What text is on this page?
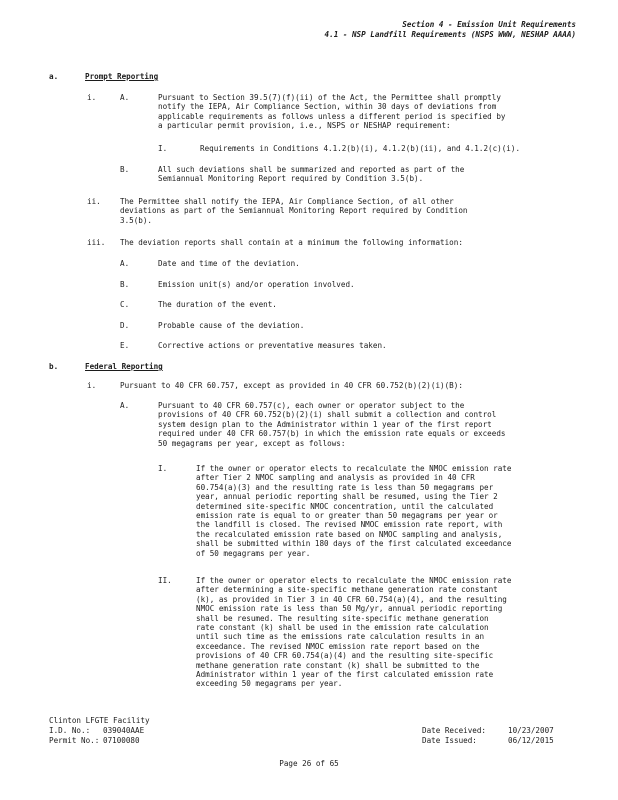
Section 4 - Emission Unit Requirements
4.1 - NSP Landfill Requirements (NSPS WWW, NESHAP AAAA)
a.	Prompt Reporting
i.	A.	Pursuant to Section 39.5(7)(f)(ii) of the Act, the Permittee shall promptly
notify the IEPA, Air Compliance Section, within 30 days of deviations from
applicable requirements as follows unless a different period is specified by
a particular permit provision, i.e., NSPS or NESHAP requirement:
I.	Requirements in Conditions 4.1.2(b)(i), 4.1.2(b)(ii), and 4.1.2(c)(i).
B.	All such deviations shall be summarized and reported as part of the
Semiannual Monitoring Report required by Condition 3.5(b).
ii.	The Permittee shall notify the IEPA, Air Compliance Section, of all other
deviations as part of the Semiannual Monitoring Report required by Condition
3.5(b).
iii. The deviation reports shall contain at a minimum the following information:
A.	Date and time of the deviation.
B.	Emission unit(s) and/or operation involved.
C.	The duration of the event.
D.	Probable cause of the deviation.
E.	Corrective actions or preventative measures taken.
b.	Federal Reporting
i.	Pursuant to 40 CFR 60.757, except as provided in 40 CFR 60.752(b)(2)(i)(B):
A.	Pursuant to 40 CFR 60.757(c), each owner or operator subject to the
provisions of 40 CFR 60.752(b)(2)(i) shall submit a collection and control
system design plan to the Administrator within 1 year of the first report
required under 40 CFR 60.757(b) in which the emission rate equals or exceeds
50 megagrams per year, except as follows:
I.	If the owner or operator elects to recalculate the NMOC emission rate
after Tier 2 NMOC sampling and analysis as provided in 40 CFR
60.754(a)(3) and the resulting rate is less than 50 megagrams per
year, annual periodic reporting shall be resumed, using the Tier 2
determined site-specific NMOC concentration, until the calculated
emission rate is equal to or greater than 50 megagrams per year or
the landfill is closed. The revised NMOC emission rate report, with
the recalculated emission rate based on NMOC sampling and analysis,
shall be submitted within 180 days of the first calculated exceedance
of 50 megagrams per year.
II.	If the owner or operator elects to recalculate the NMOC emission rate
after determining a site-specific methane generation rate constant
(k), as provided in Tier 3 in 40 CFR 60.754(a)(4), and the resulting
NMOC emission rate is less than 50 Mg/yr, annual periodic reporting
shall be resumed. The resulting site-specific methane generation
rate constant (k) shall be used in the emission rate calculation
until such time as the emissions rate calculation results in an
exceedance. The revised NMOC emission rate report based on the
provisions of 40 CFR 60.754(a)(4) and the resulting site-specific
methane generation rate constant (k) shall be submitted to the
Administrator within 1 year of the first calculated emission rate
exceeding 50 megagrams per year.
Clinton LFGTE Facility
I.D. No.: 039040AAE
Permit No.: 07100080
Date Received:	10/23/2007
Date Issued:	06/12/2015
Page 26 of 65
